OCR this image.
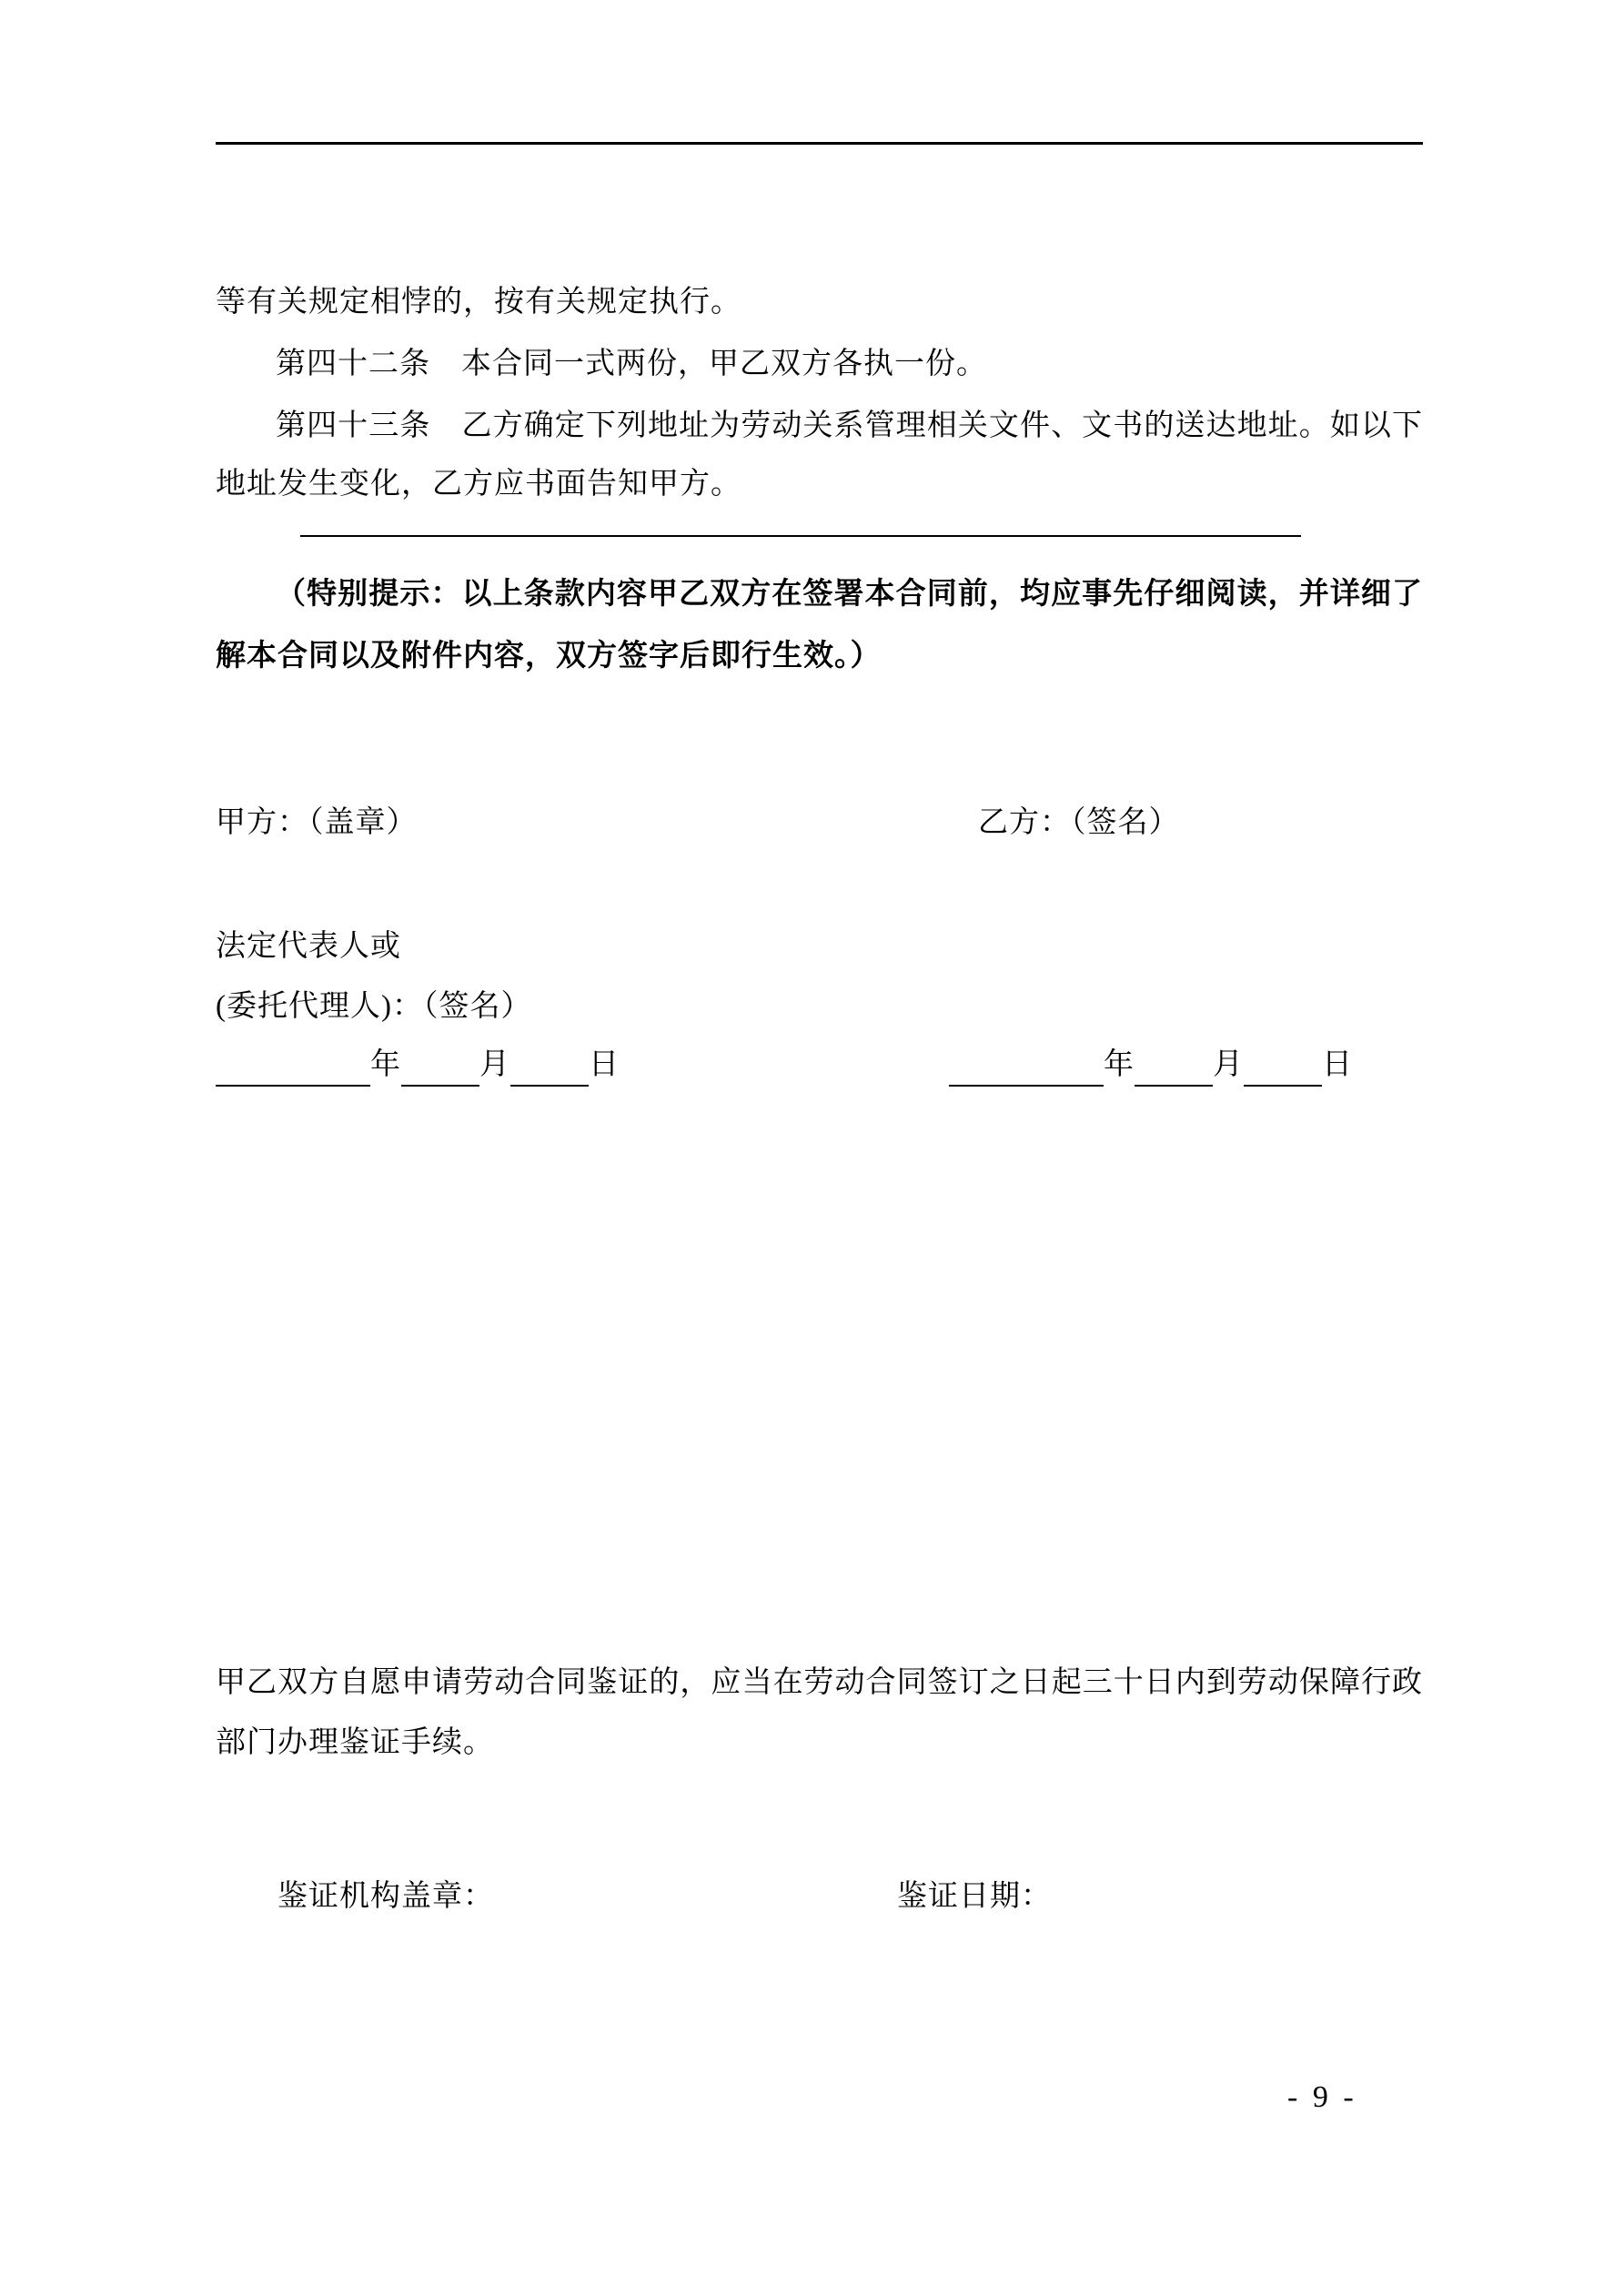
等有关规定相悖的，按有关规定执行。

第四十二条　本合同一式两份，甲乙双方各执一份。

第四十三条　乙方确定下列地址为劳动关系管理相关文件、文书的送达地址。如以下地址发生变化，乙方应书面告知甲方。

（特别提示：以上条款内容甲乙双方在签署本合同前，均应事先仔细阅读，并详细了解本合同以及附件内容，双方签字后即行生效。）

甲方：（盖章）	乙方：（签名）
法定代表人或
(委托代理人)：（签名）
年	月	日	年	月	日

甲乙双方自愿申请劳动合同鉴证的，应当在劳动合同签订之日起三十日内到劳动保障行政部门办理鉴证手续。

鉴证机构盖章：	鉴证日期：
- 9 -
